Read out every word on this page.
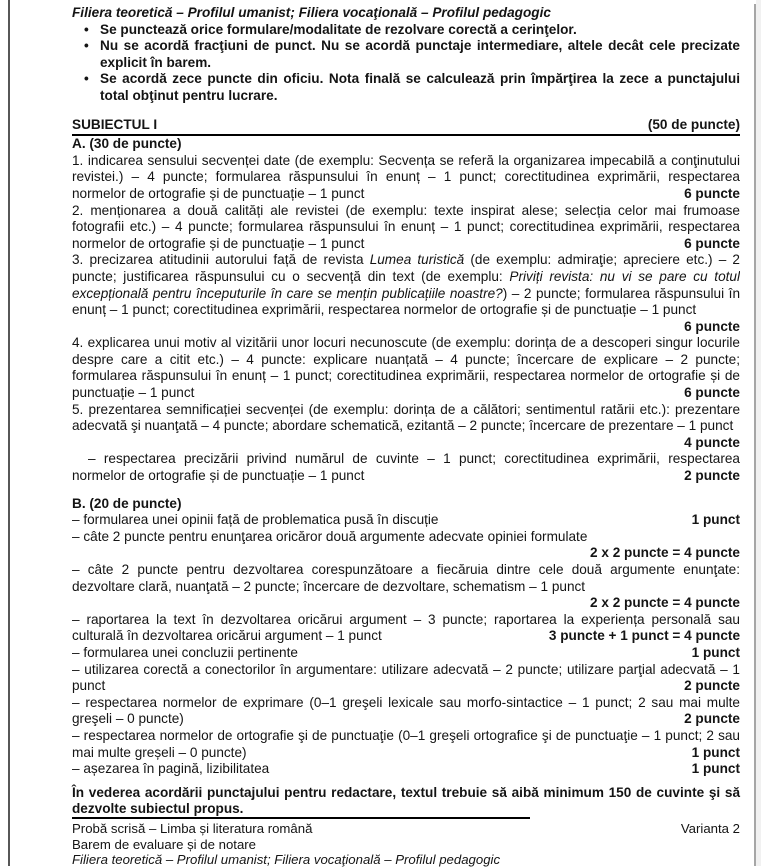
Filiera teoretică – Profilul umanist; Filiera vocaţională – Profilul pedagogic

• Se punctează orice formulare/modalitate de rezolvare corectă a cerinţelor.
• Nu se acordă fracţiuni de punct. Nu se acordă punctaje intermediare, altele decât cele precizate explicit în barem.
• Se acordă zece puncte din oficiu. Nota finală se calculează prin împărţirea la zece a punctajului total obţinut pentru lucrare.
SUBIECTUL I	(50 de puncte)

A. (30 de puncte)

1. indicarea sensului secvenței date (de exemplu: Secvența se referă la organizarea impecabilă a conţinutului revistei.) – 4 puncte; formularea răspunsului în enunț – 1 punct; corectitudinea exprimării, respectarea normelor de ortografie și de punctuație – 1 punct	6 puncte

2. menționarea a două calități ale revistei (de exemplu: texte inspirat alese; selecția celor mai frumoase fotografii etc.) – 4 puncte; formularea răspunsului în enunț – 1 punct; corectitudinea exprimării, respectarea normelor de ortografie și de punctuație – 1 punct	6 puncte

3. precizarea atitudinii autorului față de revista Lumea turistică (de exemplu: admiraţie; apreciere etc.) – 2 puncte; justificarea răspunsului cu o secvență din text (de exemplu: Priviți revista: nu vi se pare cu totul excepțională pentru începuturile în care se mențin publicațiile noastre?) – 2 puncte; formularea răspunsului în enunț – 1 punct; corectitudinea exprimării, respectarea normelor de ortografie și de punctuație – 1 punct
6 puncte

4. explicarea unui motiv al vizitării unor locuri necunoscute (de exemplu: dorința de a descoperi singur locurile despre care a citit etc.) – 4 puncte: explicare nuanțată – 4 puncte; încercare de explicare – 2 puncte; formularea răspunsului în enunț – 1 punct; corectitudinea exprimării, respectarea normelor de ortografie și de punctuație – 1 punct	6 puncte

5. prezentarea semnificației secvenței (de exemplu: dorința de a călători; sentimentul ratării etc.): prezentare adecvată şi nuanţată – 4 puncte; abordare schematică, ezitantă – 2 puncte; încercare de prezentare – 1 punct
4 puncte

– respectarea precizării privind numărul de cuvinte – 1 punct; corectitudinea exprimării, respectarea normelor de ortografie și de punctuație – 1 punct	2 puncte

B. (20 de puncte)

– formularea unei opinii față de problematica pusă în discuție	1 punct

– câte 2 puncte pentru enunţarea oricăror două argumente adecvate opiniei formulate
2 x 2 puncte = 4 puncte

– câte 2 puncte pentru dezvoltarea corespunzătoare a fiecăruia dintre cele două argumente enunţate: dezvoltare clară, nuanţată – 2 puncte; încercare de dezvoltare, schematism – 1 punct
2 x 2 puncte = 4 puncte

– raportarea la text în dezvoltarea oricărui argument – 3 puncte; raportarea la experiența personală sau culturală în dezvoltarea oricărui argument – 1 punct	3 puncte + 1 punct = 4 puncte

– formularea unei concluzii pertinente	1 punct

– utilizarea corectă a conectorilor în argumentare: utilizare adecvată – 2 puncte; utilizare parţial adecvată – 1 punct	2 puncte

– respectarea normelor de exprimare (0–1 greşeli lexicale sau morfo-sintactice – 1 punct; 2 sau mai multe greşeli – 0 puncte)	2 puncte

– respectarea normelor de ortografie şi de punctuaţie (0–1 greşeli ortografice şi de punctuaţie – 1 punct; 2 sau mai multe greșeli – 0 puncte)	1 punct

– așezarea în pagină, lizibilitatea	1 punct

În vederea acordării punctajului pentru redactare, textul trebuie să aibă minimum 150 de cuvinte şi să dezvolte subiectul propus.

Probă scrisă – Limba și literatura română	Varianta 2
Barem de evaluare și de notare
Filiera teoretică – Profilul umanist; Filiera vocaţională – Profilul pedagogic
